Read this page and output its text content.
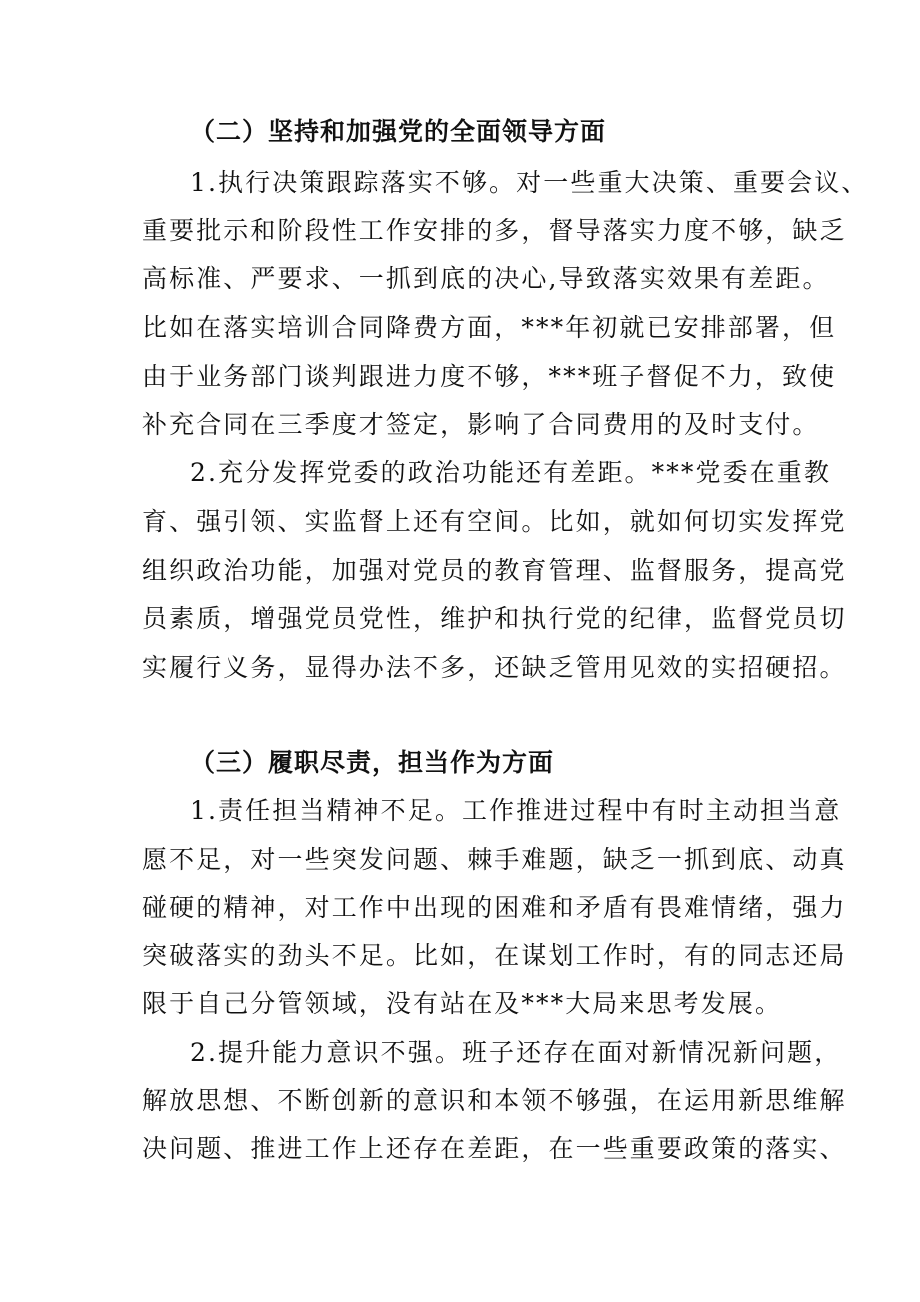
（二）坚持和加强党的全面领导方面
1.执行决策跟踪落实不够。对一些重大决策、重要会议、
重要批示和阶段性工作安排的多，督导落实力度不够，缺乏
高标准、严要求、一抓到底的决心,导致落实效果有差距。
比如在落实培训合同降费方面，***年初就已安排部署，但
由于业务部门谈判跟进力度不够，***班子督促不力，致使
补充合同在三季度才签定，影响了合同费用的及时支付。
2.充分发挥党委的政治功能还有差距。***党委在重教
育、强引领、实监督上还有空间。比如，就如何切实发挥党
组织政治功能，加强对党员的教育管理、监督服务，提高党
员素质，增强党员党性，维护和执行党的纪律，监督党员切
实履行义务，显得办法不多，还缺乏管用见效的实招硬招。
（三）履职尽责，担当作为方面
1.责任担当精神不足。工作推进过程中有时主动担当意
愿不足，对一些突发问题、棘手难题，缺乏一抓到底、动真
碰硬的精神，对工作中出现的困难和矛盾有畏难情绪，强力
突破落实的劲头不足。比如，在谋划工作时，有的同志还局
限于自己分管领域，没有站在及***大局来思考发展。
2.提升能力意识不强。班子还存在面对新情况新问题，
解放思想、不断创新的意识和本领不够强，在运用新思维解
决问题、推进工作上还存在差距，在一些重要政策的落实、
